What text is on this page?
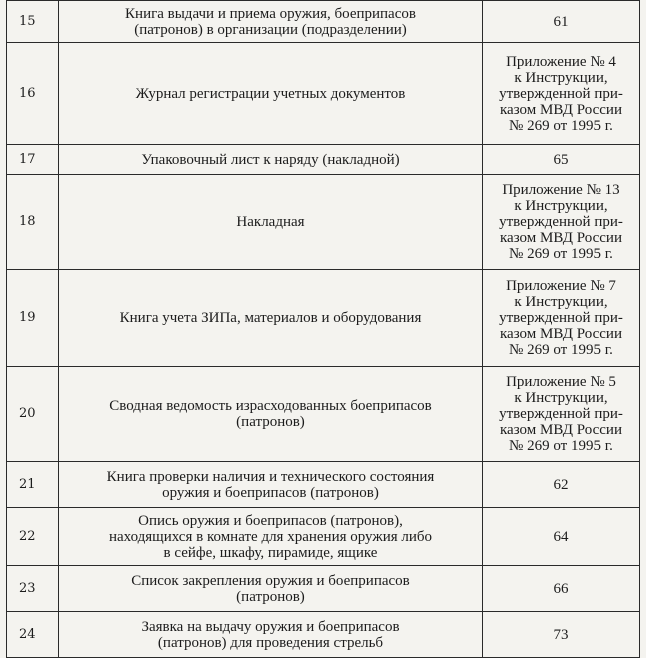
15	Книга выдачи и приема оружия, боеприпасов
(патронов) в организации (подразделении)	61
16	Журнал регистрации учетных документов	Приложение № 4
к Инструкции,
утвержденной при-
казом МВД России
№ 269 от 1995 г.
17	Упаковочный лист к наряду (накладной)	65
18	Накладная	Приложение № 13
к Инструкции,
утвержденной при-
казом МВД России
№ 269 от 1995 г.
19	Книга учета ЗИПа, материалов и оборудования	Приложение № 7
к Инструкции,
утвержденной при-
казом МВД России
№ 269 от 1995 г.
20	Сводная ведомость израсходованных боеприпасов
(патронов)	Приложение № 5
к Инструкции,
утвержденной при-
казом МВД России
№ 269 от 1995 г.
21	Книга проверки наличия и технического состояния
оружия и боеприпасов (патронов)	62
22	Опись оружия и боеприпасов (патронов),
находящихся в комнате для хранения оружия либо
в сейфе, шкафу, пирамиде, ящике	64
23	Список закрепления оружия и боеприпасов
(патронов)	66
24	Заявка на выдачу оружия и боеприпасов
(патронов) для проведения стрельб	73
